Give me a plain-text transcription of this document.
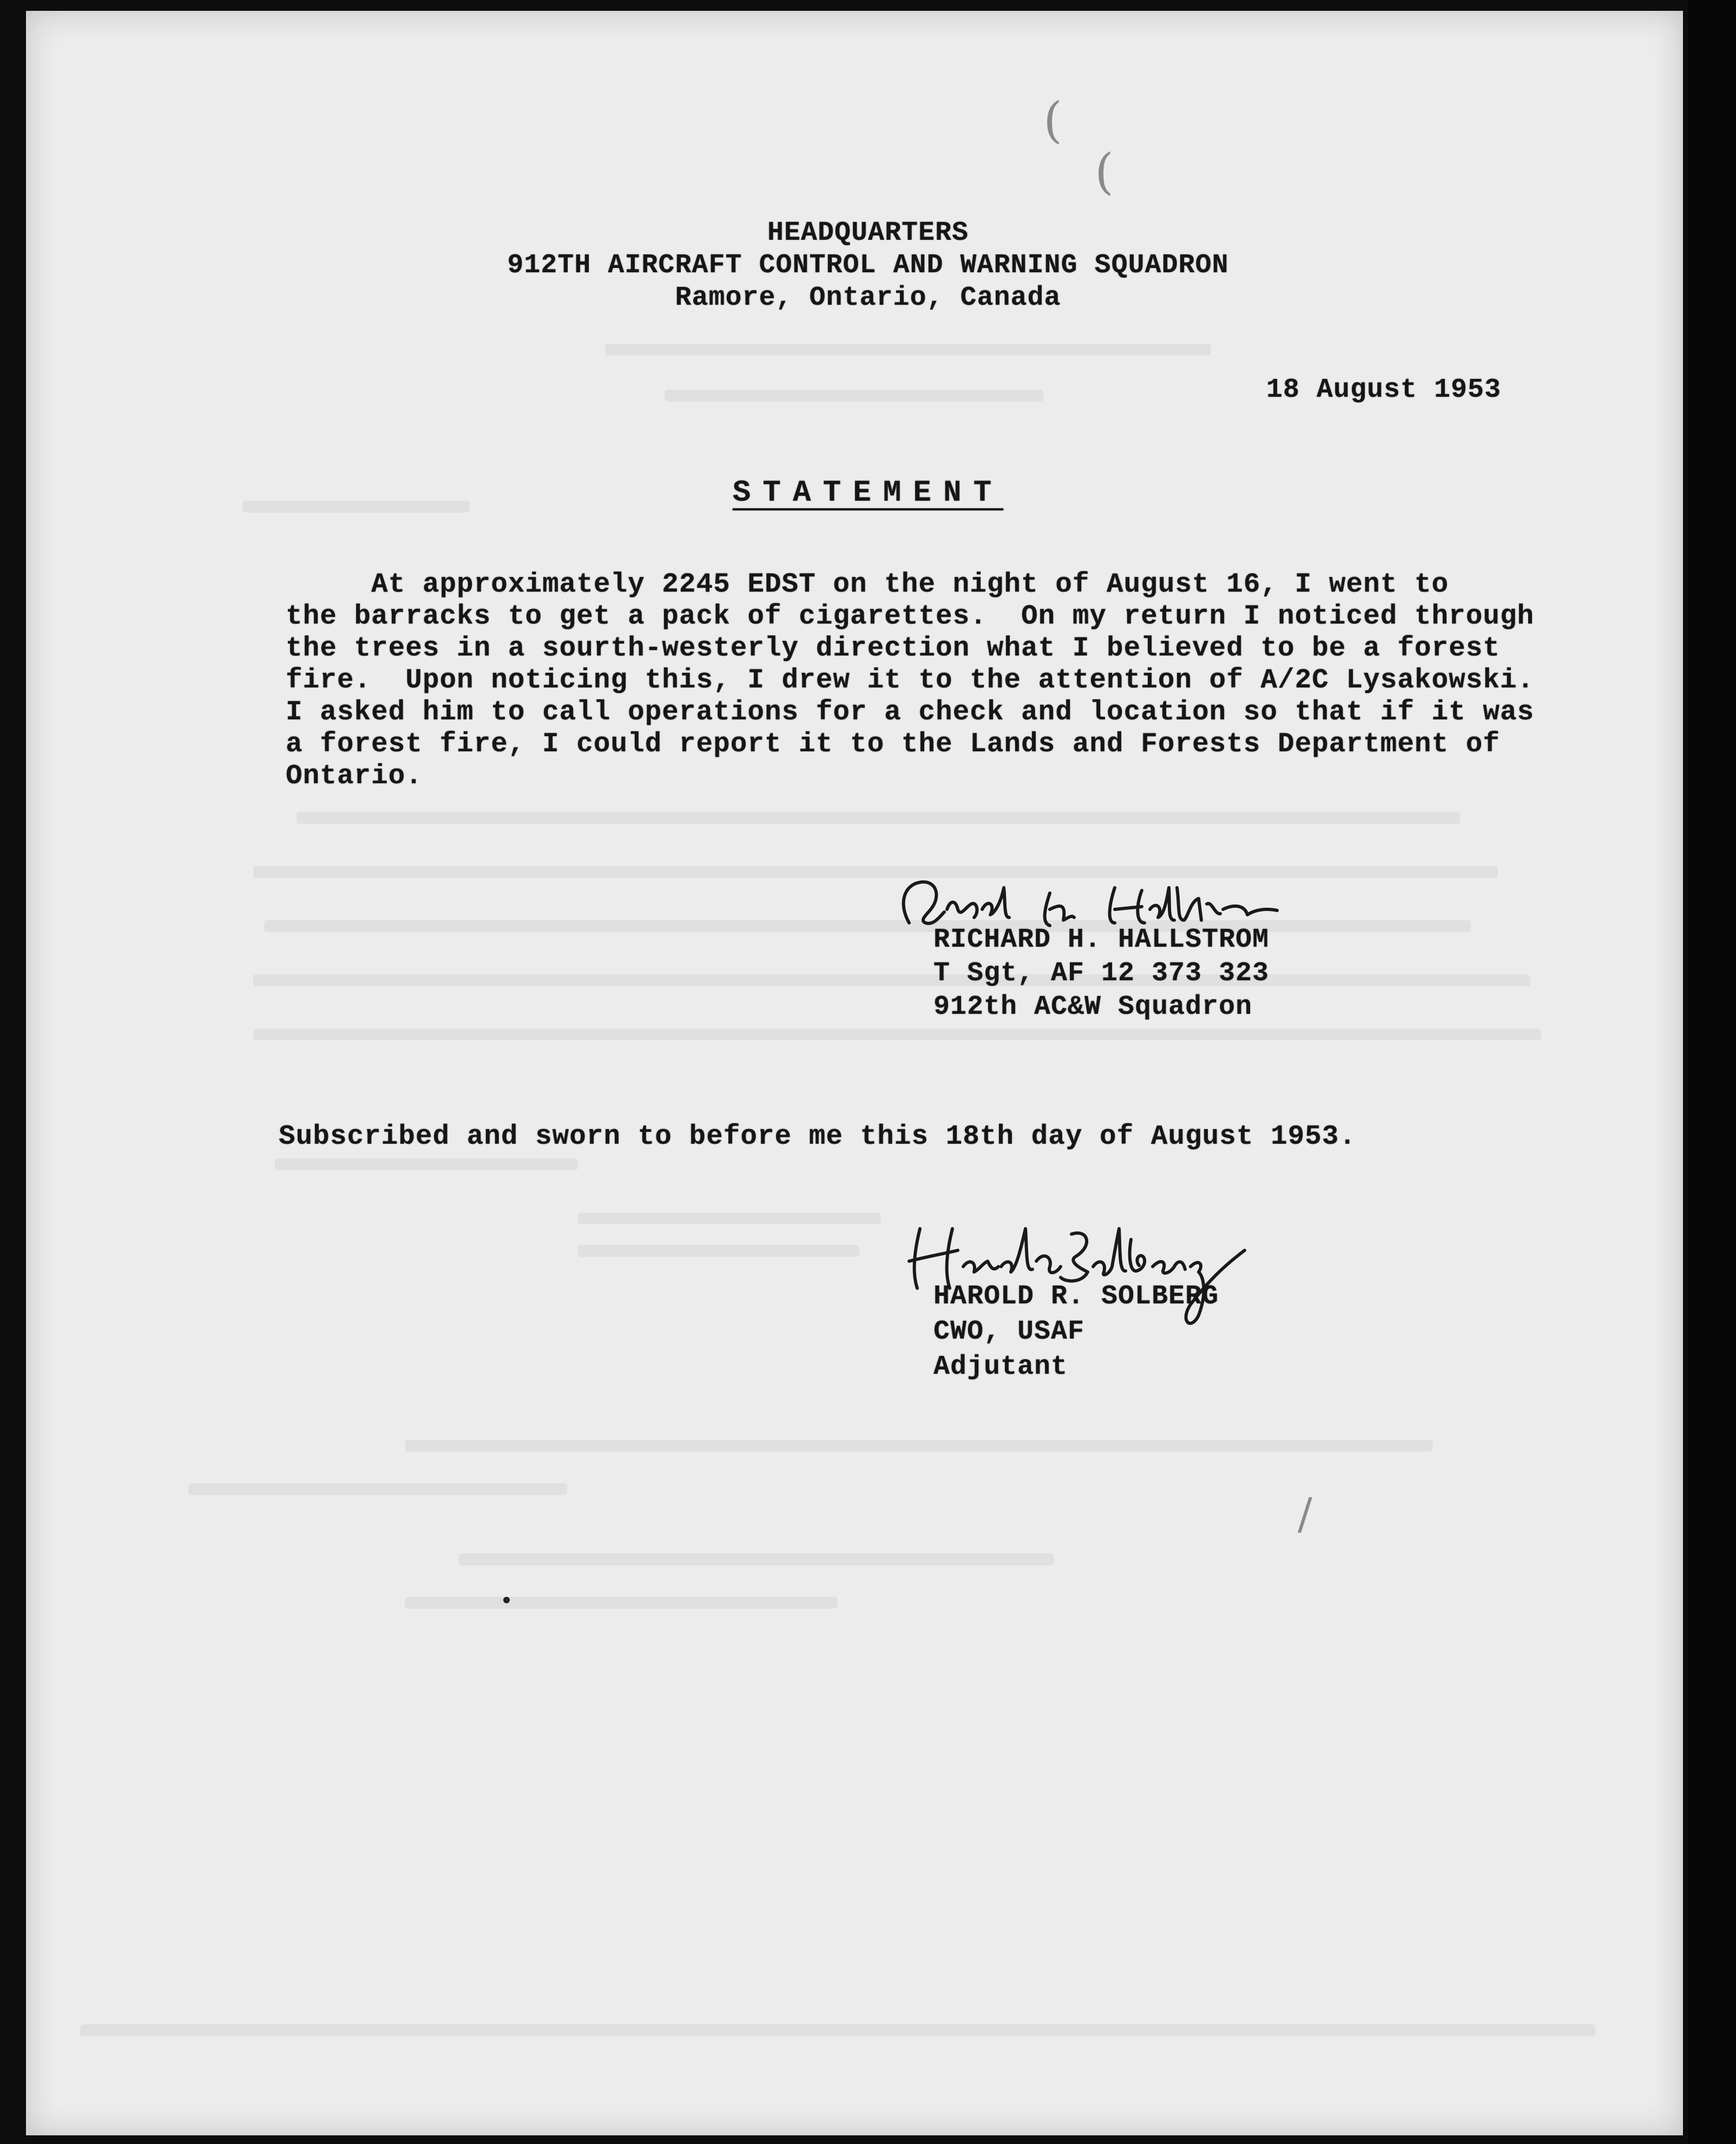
(
(
/
HEADQUARTERS
912TH AIRCRAFT CONTROL AND WARNING SQUADRON
Ramore, Ontario, Canada
18 August 1953
STATEMENT
At approximately 2245 EDST on the night of August 16, I went to
the barracks to get a pack of cigarettes.  On my return I noticed through
the trees in a sourth-westerly direction what I believed to be a forest
fire.  Upon noticing this, I drew it to the attention of A/2C Lysakowski.
I asked him to call operations for a check and location so that if it was
a forest fire, I could report it to the Lands and Forests Department of
Ontario.
RICHARD H. HALLSTROM
T Sgt, AF 12 373 323
912th AC&W Squadron
Subscribed and sworn to before me this 18th day of August 1953.
HAROLD R. SOLBERG
CWO, USAF
Adjutant
